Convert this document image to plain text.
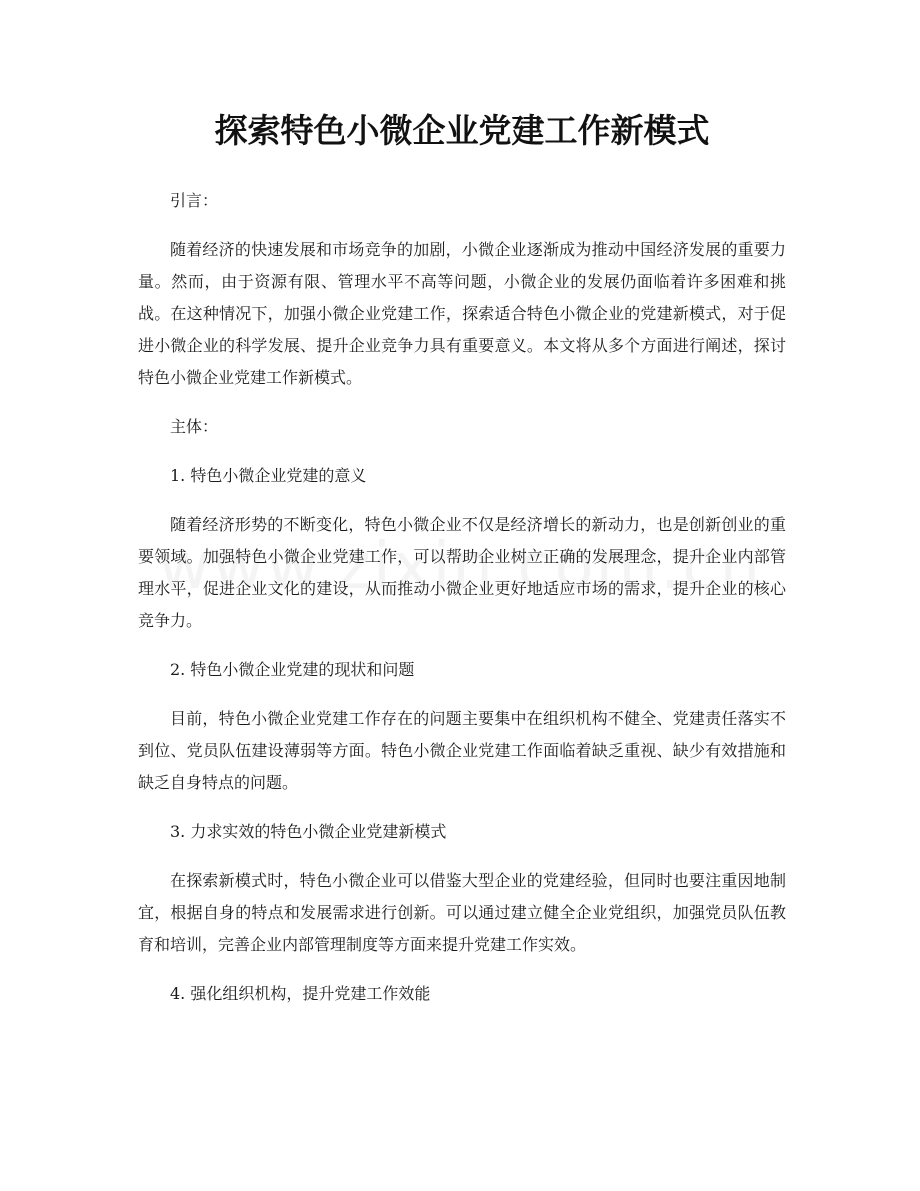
探索特色小微企业党建工作新模式

引言：

随着经济的快速发展和市场竞争的加剧，小微企业逐渐成为推动中国经济发展的重要力量。然而，由于资源有限、管理水平不高等问题，小微企业的发展仍面临着许多困难和挑战。在这种情况下，加强小微企业党建工作，探索适合特色小微企业的党建新模式，对于促进小微企业的科学发展、提升企业竞争力具有重要意义。本文将从多个方面进行阐述，探讨特色小微企业党建工作新模式。

主体：

1. 特色小微企业党建的意义

随着经济形势的不断变化，特色小微企业不仅是经济增长的新动力，也是创新创业的重要领域。加强特色小微企业党建工作，可以帮助企业树立正确的发展理念，提升企业内部管理水平，促进企业文化的建设，从而推动小微企业更好地适应市场的需求，提升企业的核心竞争力。

2. 特色小微企业党建的现状和问题

目前，特色小微企业党建工作存在的问题主要集中在组织机构不健全、党建责任落实不到位、党员队伍建设薄弱等方面。特色小微企业党建工作面临着缺乏重视、缺少有效措施和缺乏自身特点的问题。

3. 力求实效的特色小微企业党建新模式

在探索新模式时，特色小微企业可以借鉴大型企业的党建经验，但同时也要注重因地制宜，根据自身的特点和发展需求进行创新。可以通过建立健全企业党组织，加强党员队伍教育和培训，完善企业内部管理制度等方面来提升党建工作实效。

4. 强化组织机构，提升党建工作效能
